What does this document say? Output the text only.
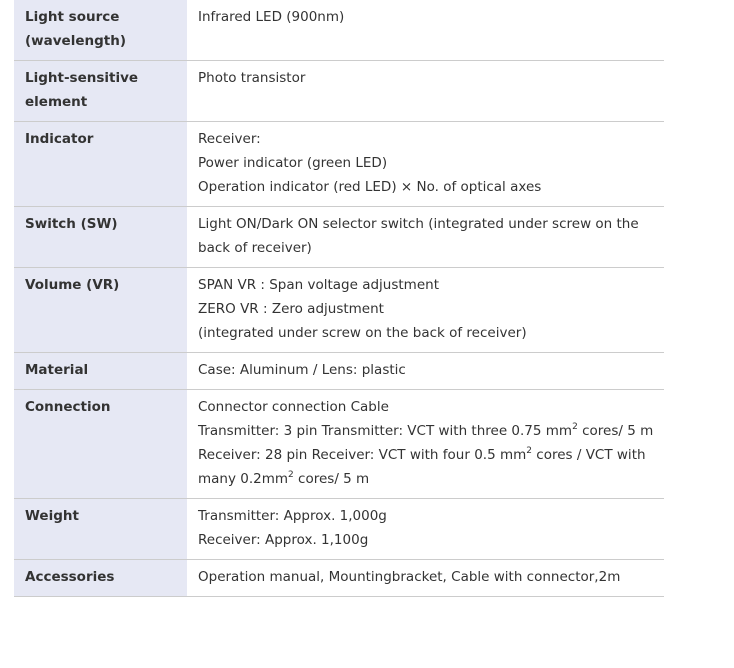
Light source (wavelength)	Infrared LED (900nm)

Light-sensitive element	Photo transistor

Indicator	Receiver:
Power indicator (green LED)
Operation indicator (red LED) × No. of optical axes

Switch (SW)	Light ON/Dark ON selector switch (integrated under screw on the back of receiver)

Volume (VR)	SPAN VR : Span voltage adjustment
ZERO VR : Zero adjustment
(integrated under screw on the back of receiver)

Material	Case: Aluminum / Lens: plastic

Connection	Connector connection Cable
Transmitter: 3 pin Transmitter: VCT with three 0.75 $mm^2$ cores/ 5 m
Receiver: 28 pin Receiver: VCT with four 0.5 $mm^2$ cores / VCT with many $0.2mm^2$ cores/ 5 m

Weight	Transmitter: Approx. 1,000g
Receiver: Approx. 1,100g

Accessories	Operation manual, Mountingbracket, Cable with connector,2m
